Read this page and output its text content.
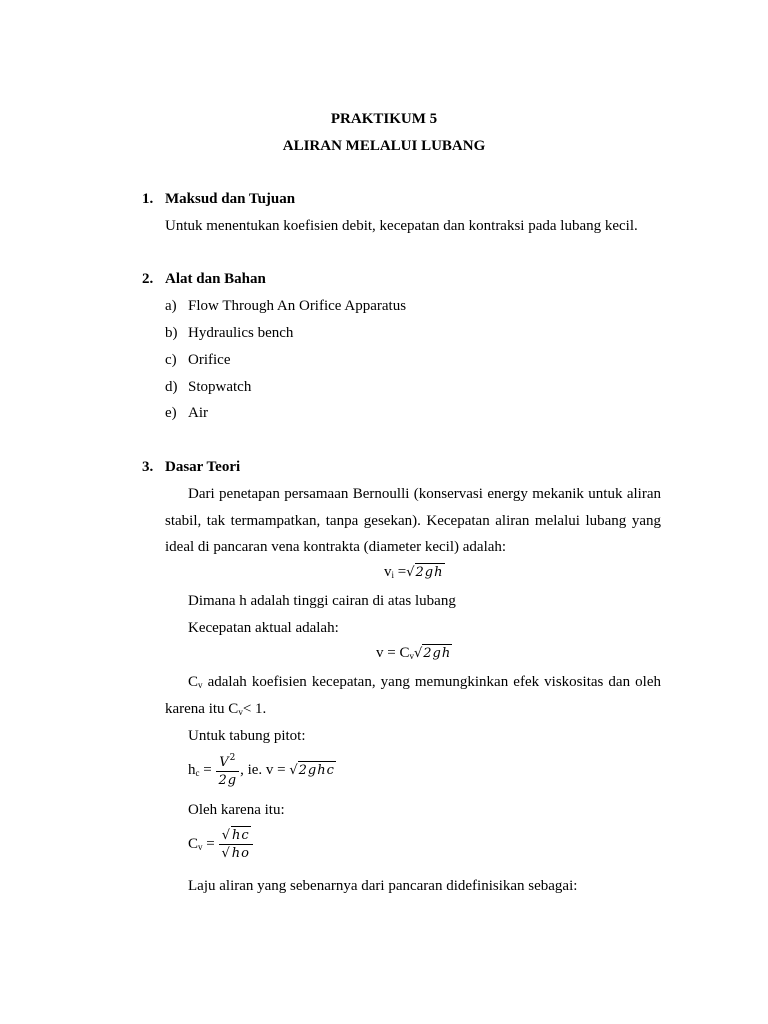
PRAKTIKUM 5
ALIRAN MELALUI LUBANG
1. Maksud dan Tujuan
Untuk menentukan koefisien debit, kecepatan dan kontraksi pada lubang kecil.
2. Alat dan Bahan
a) Flow Through An Orifice Apparatus
b) Hydraulics bench
c) Orifice
d) Stopwatch
e) Air
3. Dasar Teori
Dari penetapan persamaan Bernoulli (konservasi energy mekanik untuk aliran
stabil, tak termampatkan, tanpa gesekan). Kecepatan aliran melalui lubang yang
ideal di pancaran vena kontrakta (diameter kecil) adalah:
$v_i =√2gh$
Dimana h adalah tinggi cairan di atas lubang
Kecepatan aktual adalah:
$v = C_v√2gh$
$C_v$ adalah koefisien kecepatan, yang memungkinkan efek viskositas dan oleh
karena itu $C_v< 1$.
Untuk tabung pitot:
$h_c = \frac{V^2}{2g}$ , ie. v = √2ghc
Oleh karena itu:
$C_v = \frac{√hc}{√ho}$
Laju aliran yang sebenarnya dari pancaran didefinisikan sebagai:
